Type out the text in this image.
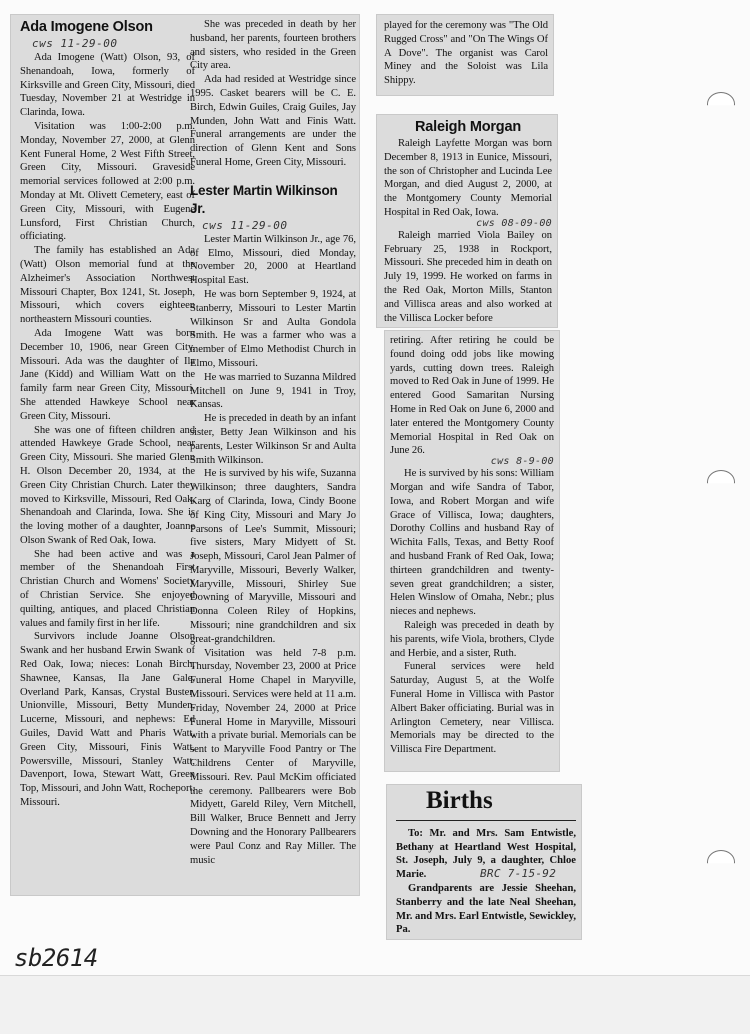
Ada Imogene Olson
cws 11-29-00

Ada Imogene (Watt) Olson, 93, of Shenandoah, Iowa, formerly of Kirksville and Green City, Missouri, died Tuesday, November 21 at Westridge in Clarinda, Iowa.

Visitation was 1:00-2:00 p.m. Monday, November 27, 2000, at Glenn Kent Funeral Home, 2 West Fifth Street, Green City, Missouri. Graveside memorial services followed at 2:00 p.m. Monday at Mt. Olivett Cemetery, east of Green City, Missouri, with Eugene Lunsford, First Christian Church, officiating.

The family has established an Ada (Watt) Olson memorial fund at the Alzheimer's Association Northwest Missouri Chapter, Box 1241, St. Joseph, Missouri, which covers eighteen northeastern Missouri counties.

Ada Imogene Watt was born December 10, 1906, near Green City, Missouri. Ada was the daughter of Ila Jane (Kidd) and William Watt on the family farm near Green City, Missouri. She attended Hawkeye School near Green City, Missouri.

She was one of fifteen children and attended Hawkeye Grade School, near Green City, Missouri. She maried Glenn H. Olson December 20, 1934, at the Green City Christian Church. Later they moved to Kirksville, Missouri, Red Oak, Shenandoah and Clarinda, Iowa. She is the loving mother of a daughter, Joanne Olson Swank of Red Oak, Iowa.

She had been active and was a member of the Shenandoah First Christian Church and Womens' Society of Christian Service. She enjoyed quilting, antiques, and placed Christian values and family first in her life.

Survivors include Joanne Olson Swank and her husband Erwin Swank of Red Oak, Iowa; nieces: Lonah Birch, Shawnee, Kansas, Ila Jane Gale, Overland Park, Kansas, Crystal Buster, Unionville, Missouri, Betty Munden, Lucerne, Missouri, and nephews: Ed Guiles, David Watt and Pharis Watt, Green City, Missouri, Finis Watt, Powersville, Missouri, Stanley Watt, Davenport, Iowa, Stewart Watt, Green Top, Missouri, and John Watt, Rocheport, Missouri.

She was preceded in death by her husband, her parents, fourteen brothers and sisters, who resided in the Green City area.

Ada had resided at Westridge since 1995. Casket bearers will be C. E. Birch, Edwin Guiles, Craig Guiles, Jay Munden, John Watt and Finis Watt. Funeral arrangements are under the direction of Glenn Kent and Sons Funeral Home, Green City, Missouri.

Lester Martin Wilkinson Jr.
cws 11-29-00

Lester Martin Wilkinson Jr., age 76, of Elmo, Missouri, died Monday, November 20, 2000 at Heartland Hospital East.

He was born September 9, 1924, at Stanberry, Missouri to Lester Martin Wilkinson Sr and Aulta Gondola Smith. He was a farmer who was a member of Elmo Methodist Church in Elmo, Missouri.

He was married to Suzanna Mildred Mitchell on June 9, 1941 in Troy, Kansas.

He is preceded in death by an infant sister, Betty Jean Wilkinson and his parents, Lester Wilkinson Sr and Aulta Smith Wilkinson.

He is survived by his wife, Suzanna Wilkinson; three daughters, Sandra Karg of Clarinda, Iowa, Cindy Boone of King City, Missouri and Mary Jo Parsons of Lee's Summit, Missouri; five sisters, Mary Midyett of St. Joseph, Missouri, Carol Jean Palmer of Maryville, Missouri, Beverly Walker, Maryville, Missouri, Shirley Sue Downing of Maryville, Missouri and Donna Coleen Riley of Hopkins, Missouri; nine grandchildren and six great-grandchildren.

Visitation was held 7-8 p.m. Thursday, November 23, 2000 at Price Funeral Home Chapel in Maryville, Missouri. Services were held at 11 a.m. Friday, November 24, 2000 at Price Funeral Home in Maryville, Missouri with a private burial. Memorials can be sent to Maryville Food Pantry or The Childrens Center of Maryville, Missouri. Rev. Paul McKim officiated the ceremony. Pallbearers were Bob Midyett, Gareld Riley, Vern Mitchell, Bill Walker, Bruce Bennett and Jerry Downing and the Honorary Pallbearers were Paul Conz and Ray Miller. The music

played for the ceremony was "The Old Rugged Cross" and "On The Wings Of A Dove". The organist was Carol Miney and the Soloist was Lila Shippy.

Raleigh Morgan

Raleigh Layfette Morgan was born December 8, 1913 in Eunice, Missouri, the son of Christopher and Lucinda Lee Morgan, and died August 2, 2000, at the Montgomery County Memorial Hospital in Red Oak, Iowa.

cws 08-09-00

Raleigh married Viola Bailey on February 25, 1938 in Rockport, Missouri. She preceded him in death on July 19, 1999. He worked on farms in the Red Oak, Morton Mills, Stanton and Villisca areas and also worked at the Villisca Locker before

retiring. After retiring he could be found doing odd jobs like mowing yards, cutting down trees. Raleigh moved to Red Oak in June of 1999. He entered Good Samaritan Nursing Home in Red Oak on June 6, 2000 and later entered the Montgomery County Memorial Hospital in Red Oak on June 26.

cws 8-9-00

He is survived by his sons: William Morgan and wife Sandra of Tabor, Iowa, and Robert Morgan and wife Grace of Villisca, Iowa; daughters, Dorothy Collins and husband Ray of Wichita Falls, Texas, and Betty Roof and husband Frank of Red Oak, Iowa; thirteen grandchildren and twenty-seven great grandchildren; a sister, Helen Winslow of Omaha, Nebr.; plus nieces and nephews.

Raleigh was preceded in death by his parents, wife Viola, brothers, Clyde and Herbie, and a sister, Ruth.

Funeral services were held Saturday, August 5, at the Wolfe Funeral Home in Villisca with Pastor Albert Baker officiating. Burial was in Arlington Cemetery, near Villisca. Memorials may be directed to the Villisca Fire Department.

Births

To: Mr. and Mrs. Sam Entwistle, Bethany at Heartland West Hospital, St. Joseph, July 9, a daughter, Chloe Marie.	BRC 7-15-92

Grandparents are Jessie Sheehan, Stanberry and the late Neal Sheehan, Mr. and Mrs. Earl Entwistle, Sewickley, Pa.

sb2614
